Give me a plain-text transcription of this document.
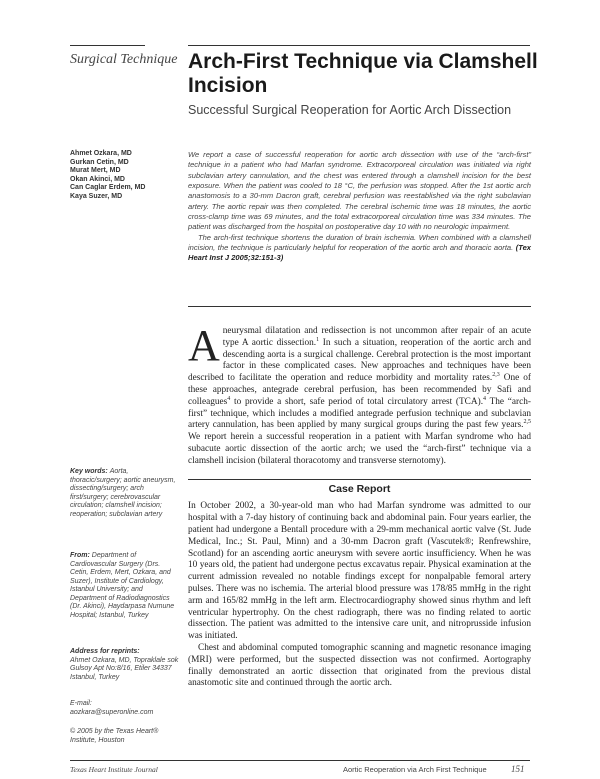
Surgical Technique Arch-First Technique via Clamshell Incision
Successful Surgical Reoperation for Aortic Arch Dissection
Ahmet Ozkara, MD
Gurkan Cetin, MD
Murat Mert, MD
Okan Akinci, MD
Can Caglar Erdem, MD
Kaya Suzer, MD

We report a case of successful reoperation for aortic arch dissection with use of the “arch-first” technique in a patient who had Marfan syndrome. Extracorporeal circulation was initiated via right subclavian artery cannulation, and the chest was entered through a clamshell incision for the best exposure. When the patient was cooled to 18 °C, the perfusion was stopped. After the 1st aortic arch anastomosis to a 30-mm Dacron graft, cerebral perfusion was reestablished via the right subclavian artery. The aortic repair was then completed. The cerebral ischemic time was 18 minutes, the aortic cross-clamp time was 69 minutes, and the total extracorporeal circulation time was 334 minutes. The patient was discharged from the hospital on postoperative day 10 with no neurologic impairment.

The arch-first technique shortens the duration of brain ischemia. When combined with a clamshell incision, the technique is particularly helpful for reoperation of the aortic arch and thoracic aorta. (Tex Heart Inst J 2005;32:151-3)

Aneurysmal dilatation and redissection is not uncommon after repair of an acute type A aortic dissection.$^1$ In such a situation, reoperation of the aortic arch and descending aorta is a surgical challenge. Cerebral protection is the most important factor in these complicated cases. New approaches and techniques have been described to facilitate the operation and reduce morbidity and mortality rates.$^{2,3}$ One of these approaches, antegrade cerebral perfusion, has been recommended by Safi and colleagues$^4$ to provide a short, safe period of total circulatory arrest (TCA).$^4$ The “arch-first” technique, which includes a modified antegrade perfusion technique and subclavian artery cannulation, has been applied by many surgical groups during the past few years.$^{2,5}$ We report herein a successful reoperation in a patient with Marfan syndrome who had subacute aortic dissection of the aortic arch; we used the “arch-first” technique via a clamshell incision (bilateral thoracotomy and transverse sternotomy).

Case Report

In October 2002, a 30-year-old man who had Marfan syndrome was admitted to our hospital with a 7-day history of continuing back and abdominal pain. Four years earlier, the patient had undergone a Bentall procedure with a 29-mm mechanical aortic valve (St. Jude Medical, Inc.; St. Paul, Minn) and a 30-mm Dacron graft (Vascutek®; Renfrewshire, Scotland) for an ascending aortic aneurysm with severe aortic insufficiency. When he was 10 years old, the patient had undergone pectus excavatus repair. Physical examination at the current admission revealed no notable findings except for nonpalpable femoral artery pulses. There was no ischemia. The arterial blood pressure was 178/85 mmHg in the right arm and 165/82 mmHg in the left arm. Electrocardiography showed sinus rhythm and left ventricular hypertrophy. On the chest radiograph, there was no finding related to aortic dissection. The patient was admitted to the intensive care unit, and nitroprusside infusion was initiated.

Chest and abdominal computed tomographic scanning and magnetic resonance imaging (MRI) were performed, but the suspected dissection was not confirmed. Aortography finally demonstrated an aortic dissection that originated from the previous distal anastomotic site and continued through the aortic arch.

Key words: Aorta, thoracic/surgery; aortic aneurysm, dissecting/surgery; arch first/surgery; cerebrovascular circulation; clamshell incision; reoperation; subclavian artery
From: Department of Cardiovascular Surgery (Drs. Cetin, Erdem, Mert, Ozkara, and Suzer), Institute of Cardiology, Istanbul University; and Department of Radiodiagnostics (Dr. Akinci), Haydarpasa Numune Hospital; Istanbul, Turkey
Address for reprints:
Ahmet Ozkara, MD, Topraklale sok Gulsoy Apt No:8/16, Etiler 34337 Istanbul, Turkey
E-mail:
aozkara@superonline.com
© 2005 by the Texas Heart® Institute, Houston
Texas Heart Institute Journal	Aortic Reoperation via Arch First Technique	151
